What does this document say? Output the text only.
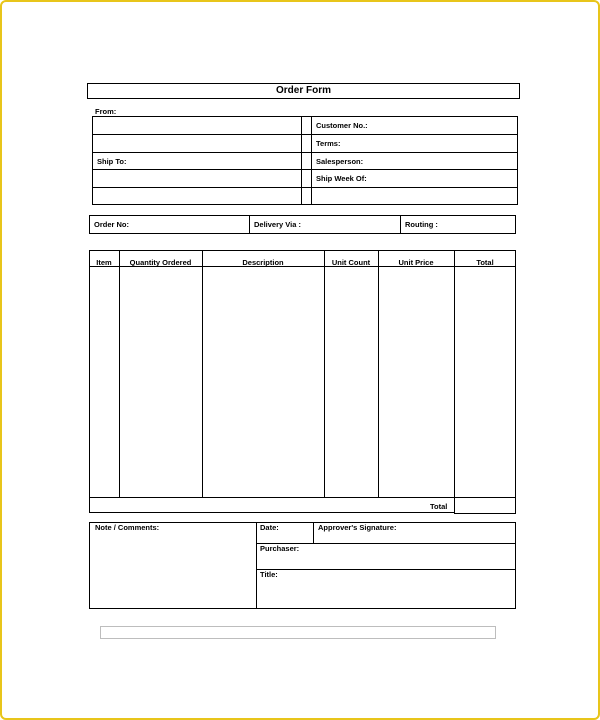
Order Form
From:
Ship To:
Customer No.:
Terms:
Salesperson:
Ship Week Of:
Order No:	Delivery Via :	Routing :
Item	Quantity Ordered	Description	Unit Count	Unit Price	Total
Total
Note / Comments:	Date:	Approver's Signature:
Purchaser:
Title:
